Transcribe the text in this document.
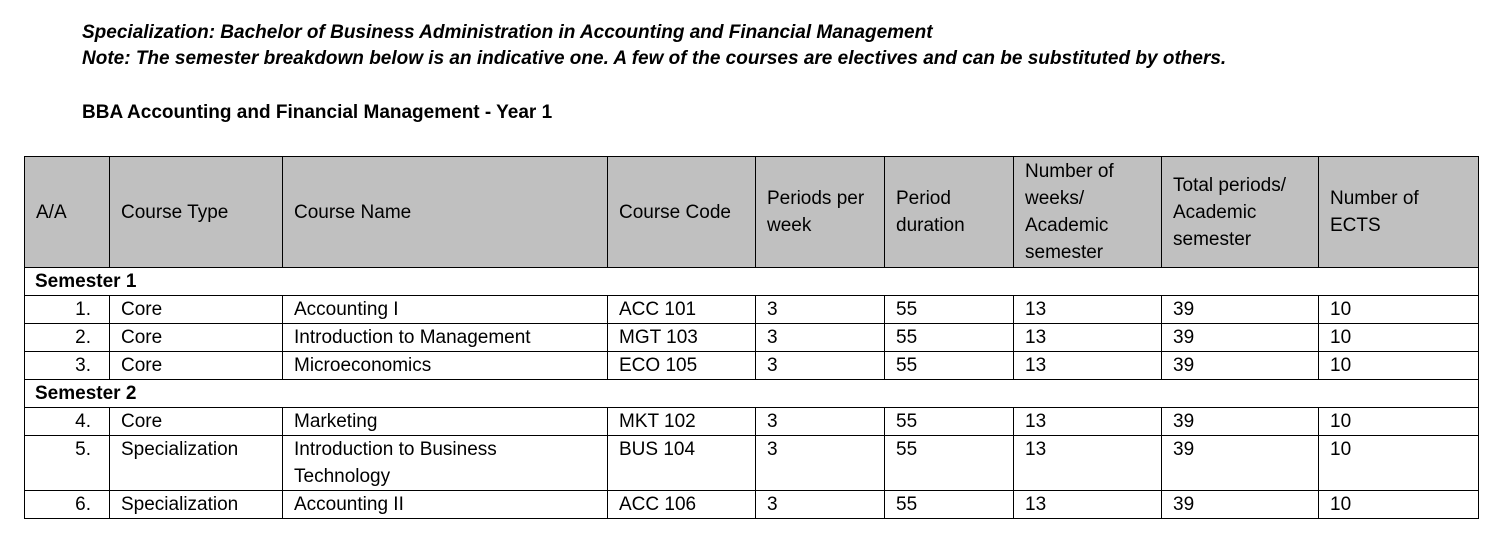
Specialization: Bachelor of Business Administration in Accounting and Financial Management
Note: The semester breakdown below is an indicative one. A few of the courses are electives and can be substituted by others.
BBA Accounting and Financial Management - Year 1
A/A	Course Type	Course Name	Course Code	Periods per week	Period duration	Number of weeks/ Academic semester	Total periods/ Academic semester	Number of ECTS
Semester 1								
1.	Core	Accounting I	ACC 101	3	55	13	39	10
2.	Core	Introduction to Management	MGT 103	3	55	13	39	10
3.	Core	Microeconomics	ECO 105	3	55	13	39	10
Semester 2								
4.	Core	Marketing	MKT 102	3	55	13	39	10
5.	Specialization	Introduction to Business Technology	BUS 104	3	55	13	39	10
6.	Specialization	Accounting II	ACC 106	3	55	13	39	10
